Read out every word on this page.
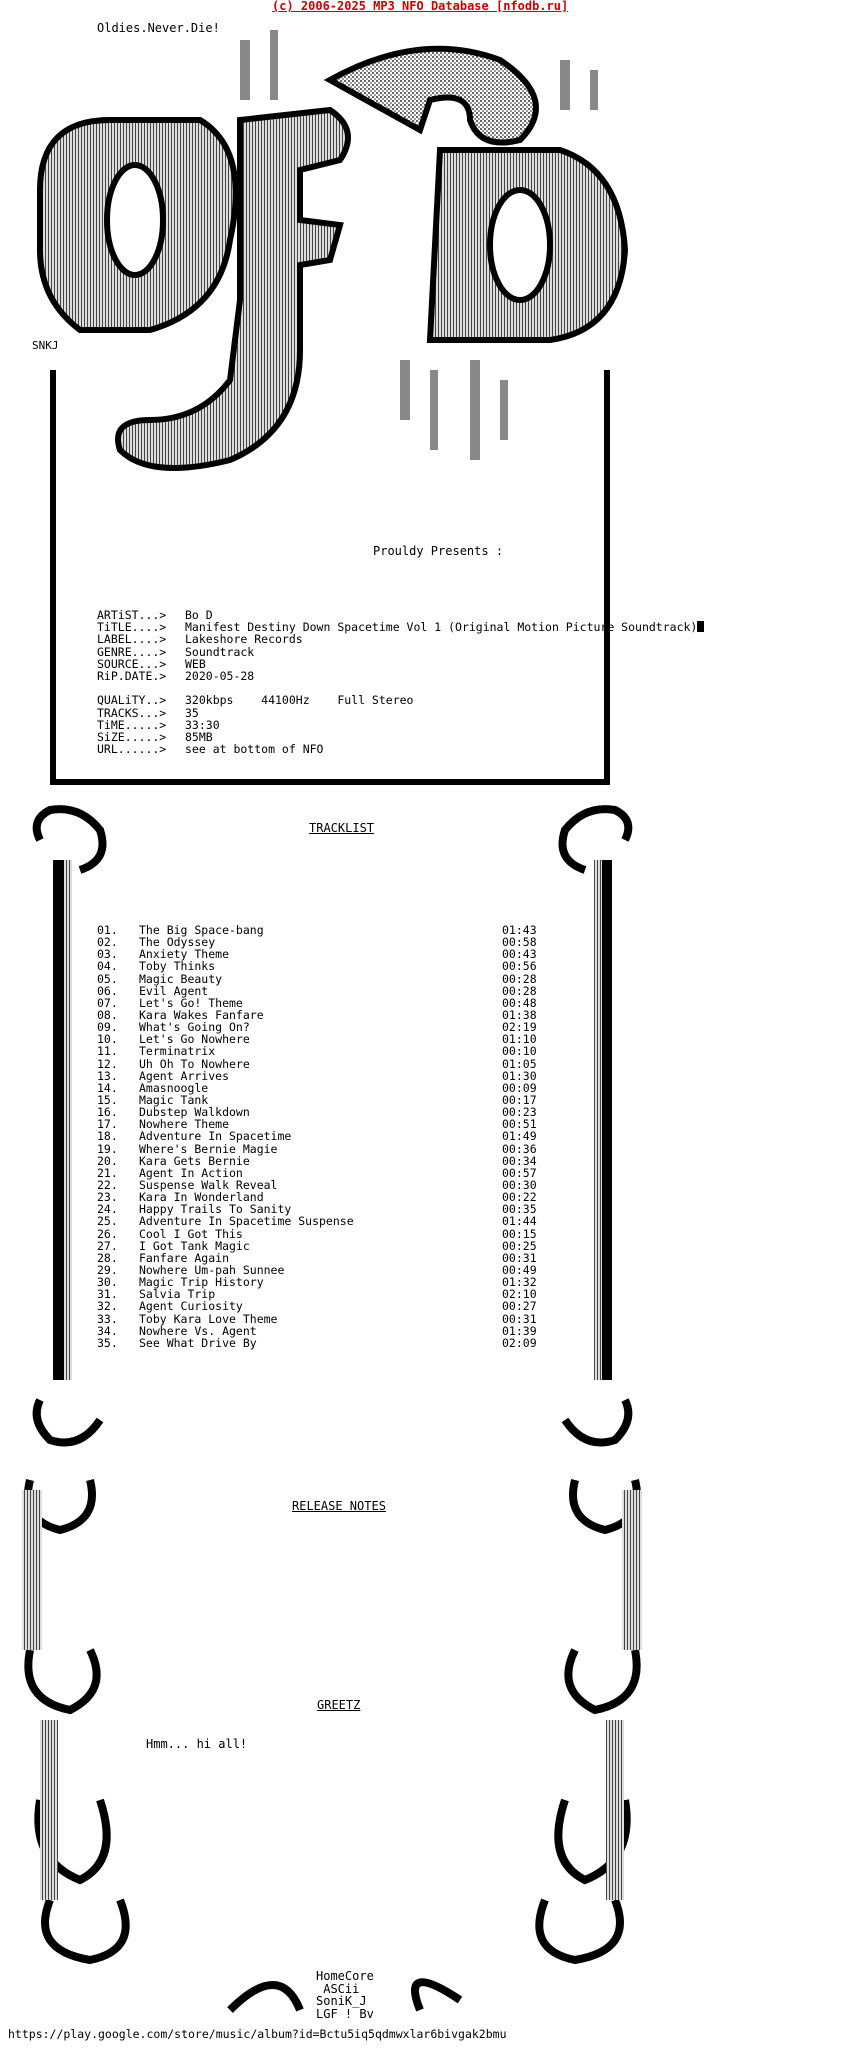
(c) 2006-2025 MP3 NFO Database [nfodb.ru]
Oldies.Never.Die!
SNKJ
Prouldy Presents :
ARTiST...>	Bo D
TiTLE....>	Manifest Destiny Down Spacetime Vol 1 (Original Motion Picture Soundtrack)
LABEL....>	Lakeshore Records
GENRE....>	Soundtrack
SOURCE...>	WEB
RiP.DATE.>	2020-05-28
QUALiTY..>	320kbps    44100Hz    Full Stereo
TRACKS...>	35
TiME.....>	33:30
SiZE.....>	85MB
URL......>	see at bottom of NFO
TRACKLIST
01.	The Big Space-bang	01:43
02.	The Odyssey	00:58
03.	Anxiety Theme	00:43
04.	Toby Thinks	00:56
05.	Magic Beauty	00:28
06.	Evil Agent	00:28
07.	Let's Go! Theme	00:48
08.	Kara Wakes Fanfare	01:38
09.	What's Going On?	02:19
10.	Let's Go Nowhere	01:10
11.	Terminatrix	00:10
12.	Uh Oh To Nowhere	01:05
13.	Agent Arrives	01:30
14.	Amasnoogle	00:09
15.	Magic Tank	00:17
16.	Dubstep Walkdown	00:23
17.	Nowhere Theme	00:51
18.	Adventure In Spacetime	01:49
19.	Where's Bernie Magie	00:36
20.	Kara Gets Bernie	00:34
21.	Agent In Action	00:57
22.	Suspense Walk Reveal	00:30
23.	Kara In Wonderland	00:22
24.	Happy Trails To Sanity	00:35
25.	Adventure In Spacetime Suspense	01:44
26.	Cool I Got This	00:15
27.	I Got Tank Magic	00:25
28.	Fanfare Again	00:31
29.	Nowhere Um-pah Sunnee	00:49
30.	Magic Trip History	01:32
31.	Salvia Trip	02:10
32.	Agent Curiosity	00:27
33.	Toby Kara Love Theme	00:31
34.	Nowhere Vs. Agent	01:39
35.	See What Drive By	02:09
RELEASE NOTES
GREETZ
Hmm... hi all!
HomeCore
ASCii
SoniK_J
LGF ! Bv
https://play.google.com/store/music/album?id=Bctu5iq5qdmwxlar6bivgak2bmu
